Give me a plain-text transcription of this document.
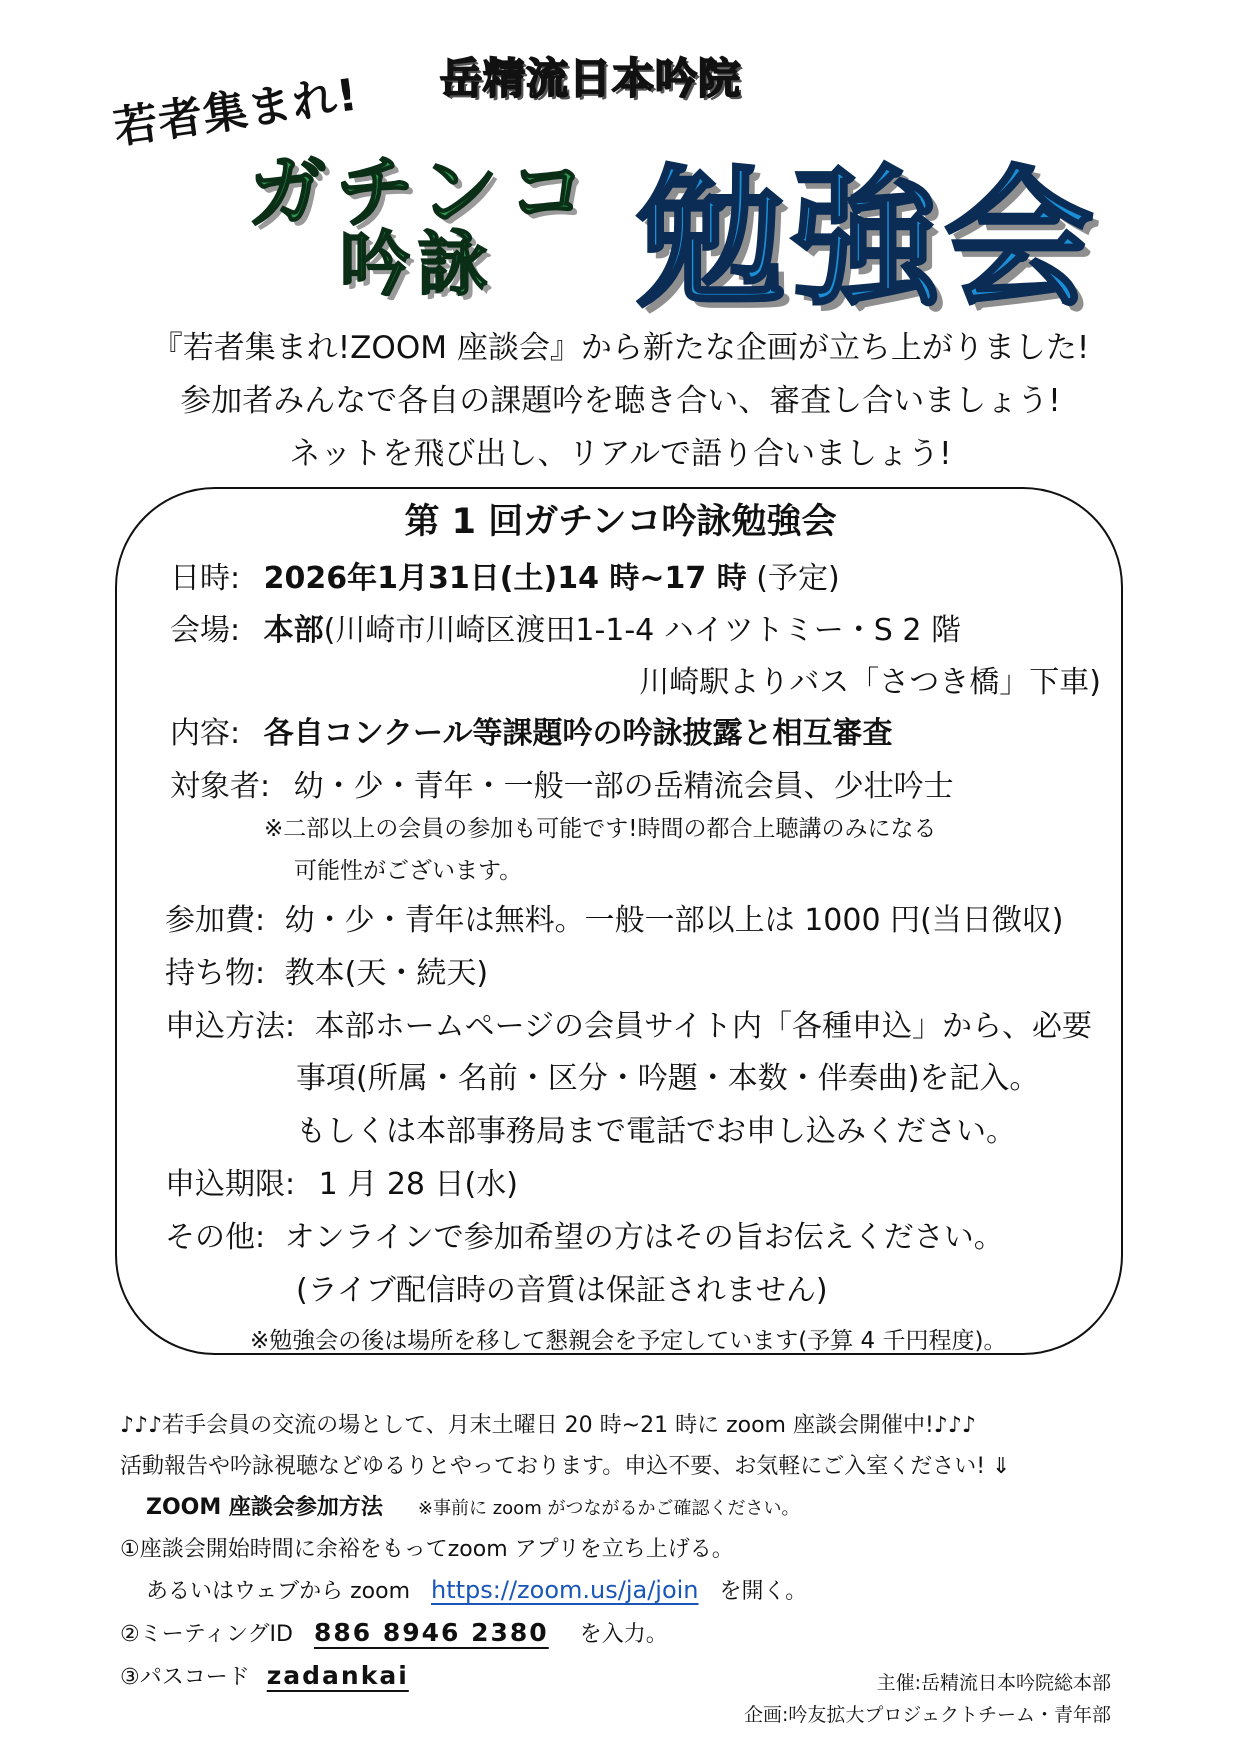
若者集まれ! 岳精流日本吟院
ガチンコ
吟詠 勉強会
『若者集まれ!ZOOM 座談会』から新たな企画が立ち上がりました!
参加者みんなで各自の課題吟を聴き合い、審査し合いましょう!
ネットを飛び出し、リアルで語り合いましょう!
第 1 回ガチンコ吟詠勉強会
日時: 2026年1月31日(土)14 時~17 時 (予定)
会場: 本部(川崎市川崎区渡田1-1-4 ハイツトミー・S 2 階
川崎駅よりバス「さつき橋」下車)
内容: 各自コンクール等課題吟の吟詠披露と相互審査
対象者: 幼・少・青年・一般一部の岳精流会員、少壮吟士
※二部以上の会員の参加も可能です!時間の都合上聴講のみになる
可能性がございます。
参加費: 幼・少・青年は無料。一般一部以上は 1000 円(当日徴収)
持ち物: 教本(天・続天)
申込方法: 本部ホームページの会員サイト内「各種申込」から、必要
事項(所属・名前・区分・吟題・本数・伴奏曲)を記入。
もしくは本部事務局まで電話でお申し込みください。
申込期限: 1 月 28 日(水)
その他: オンラインで参加希望の方はその旨お伝えください。
(ライブ配信時の音質は保証されません)
※勉強会の後は場所を移して懇親会を予定しています(予算 4 千円程度)。
♪♪♪若手会員の交流の場として、月末土曜日 20 時~21 時に zoom 座談会開催中!♪♪♪
活動報告や吟詠視聴などゆるりとやっております。申込不要、お気軽にご入室ください! ⇓
ZOOM 座談会参加方法 ※事前に zoom がつながるかご確認ください。
①座談会開始時間に余裕をもってzoom アプリを立ち上げる。
あるいはウェブから zoom https://zoom.us/ja/join を開く。
②ミーティングID 886 8946 2380 を入力。
③パスコード zadankai	主催:岳精流日本吟院総本部
企画:吟友拡大プロジェクトチーム・青年部
